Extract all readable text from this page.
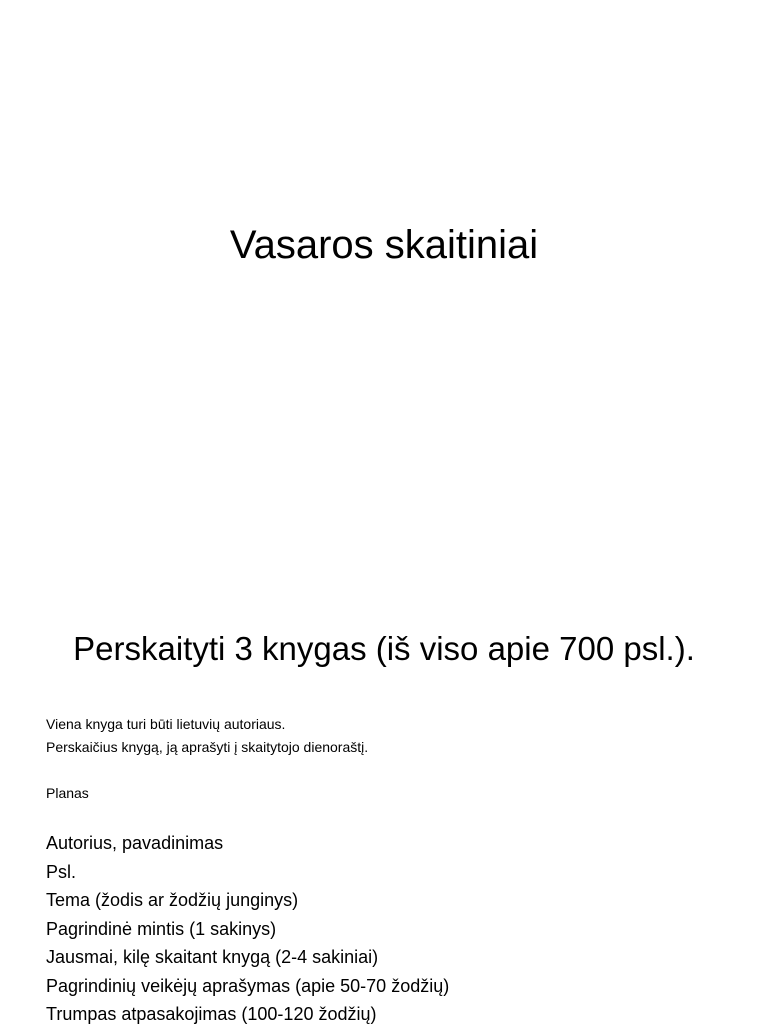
Vasaros skaitiniai
Perskaityti 3 knygas (iš viso apie 700 psl.).
Viena knyga turi būti lietuvių autoriaus.
Perskaičius knygą, ją aprašyti į skaitytojo dienoraštį.
Planas
Autorius, pavadinimas
Psl.
Tema (žodis ar žodžių junginys)
Pagrindinė mintis (1 sakinys)
Jausmai, kilę skaitant knygą (2-4 sakiniai)
Pagrindinių veikėjų aprašymas (apie 50-70 žodžių)
Trumpas atpasakojimas (100-120 žodžių)
